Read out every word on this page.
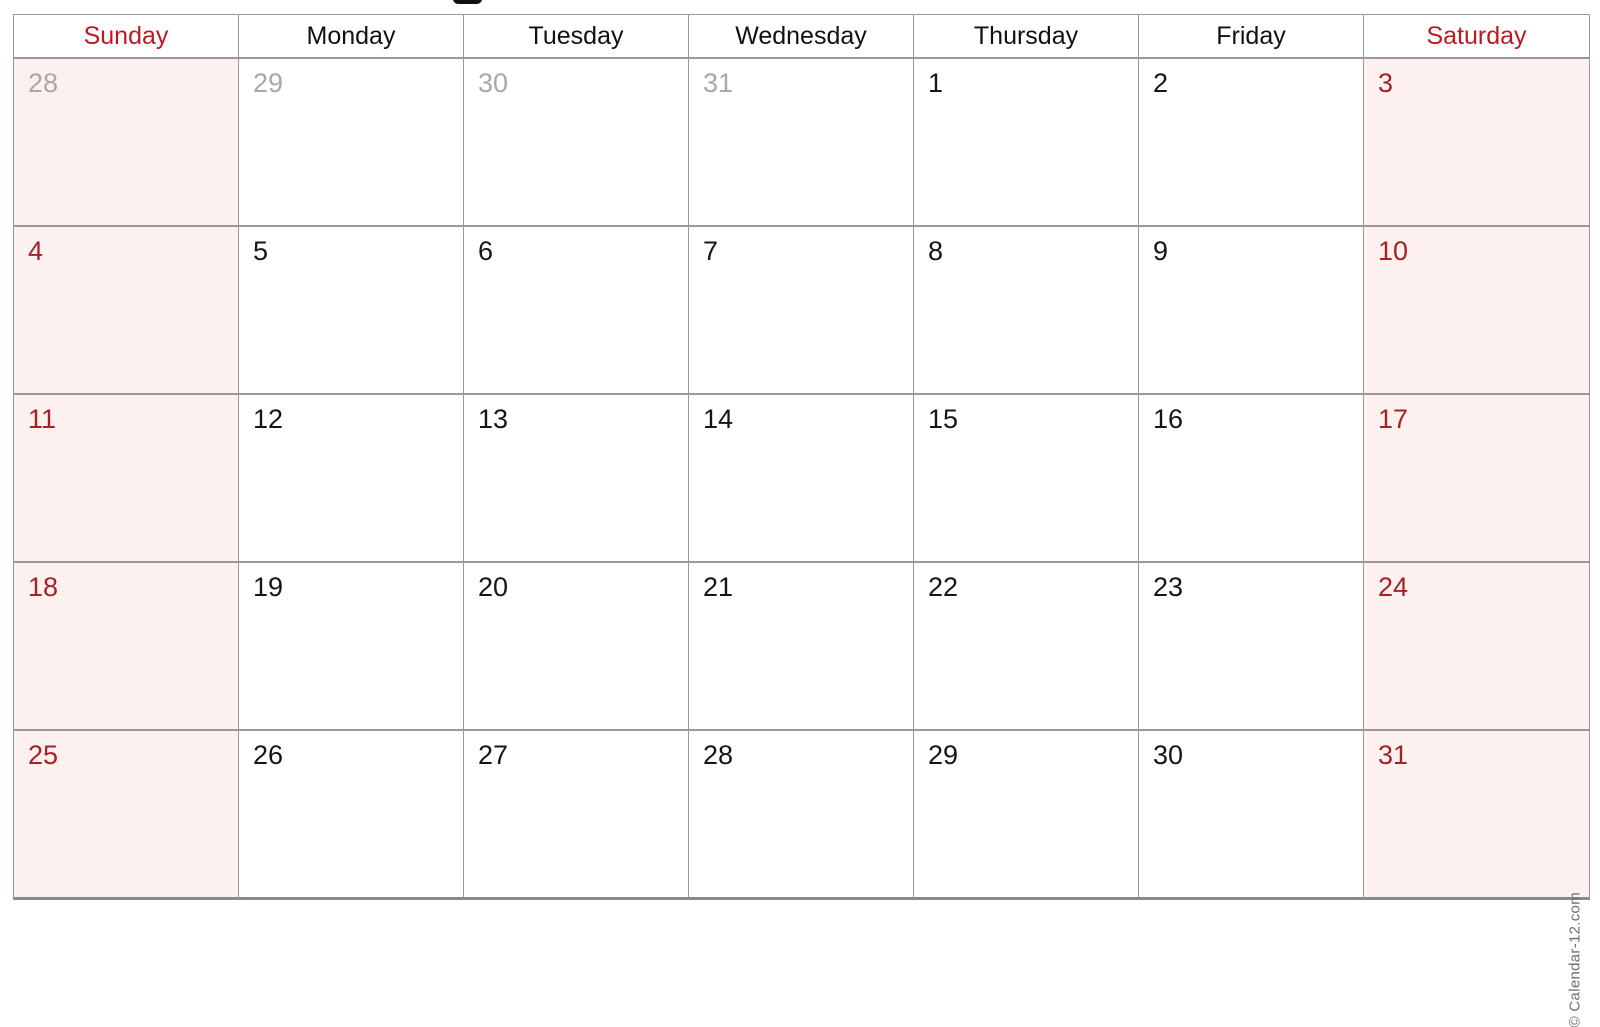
Sunday	Monday	Tuesday	Wednesday	Thursday	Friday	Saturday
© Calendar-12.com
28	29	30	31	1	2	3
4	5	6	7	8	9	10
11	12	13	14	15	16	17
18	19	20	21	22	23	24
25	26	27	28	29	30	31
